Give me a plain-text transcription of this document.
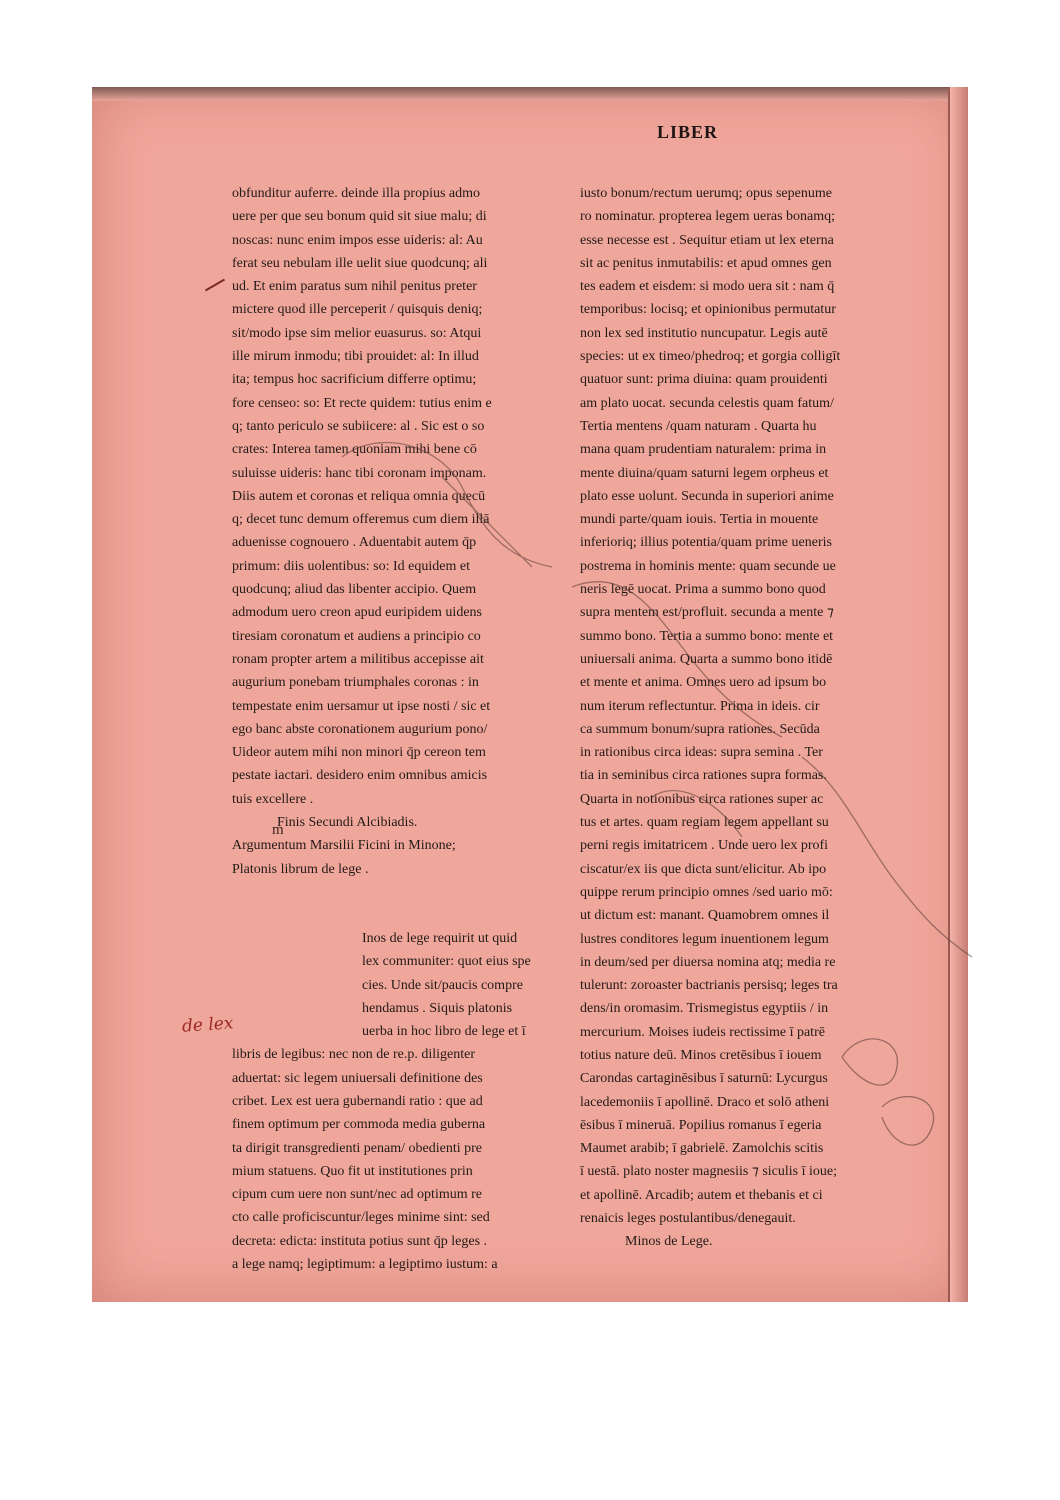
de lex
LIBER
obfunditur auferre. deinde illa propius admo
uere per que seu bonum quid sit siue malu; di
noscas: nunc enim impos esse uideris: al: Au
ferat seu nebulam ille uelit siue quodcunq; ali
ud. Et enim paratus sum nihil penitus preter
mictere quod ille perceperit / quisquis deniq;
sit/modo ipse sim melior euasurus. so: Atqui
ille mirum inmodu; tibi prouidet: al: In illud
ita; tempus hoc sacrificium differre optimu;
fore censeo: so: Et recte quidem: tutius enim e
q; tanto periculo se subiicere: al . Sic est o so
crates: Interea tamen quoniam mihi bene cō
suluisse uideris: hanc tibi coronam imponam.
Diis autem et coronas et reliqua omnia quecū
q; decet tunc demum offeremus cum diem illā
aduenisse cognouero . Aduentabit autem q̄p
primum: diis uolentibus: so: Id equidem et
quodcunq; aliud das libenter accipio. Quem
admodum uero creon apud euripidem uidens
tiresiam coronatum et audiens a principio co
ronam propter artem a militibus accepisse ait
augurium ponebam triumphales coronas : in
tempestate enim uersamur ut ipse nosti / sic et
ego banc abste coronationem augurium pono/
Uideor autem mihi non minori q̄p cereon tem
pestate iactari. desidero enim omnibus amicis
tuis excellere .
Finis Secundi Alcibiadis.
Argumentum Marsilii Ficini in Minone;
Platonis librum de lege .
Inos de lege requirit ut quid
lex communiter: quot eius spe
cies. Unde sit/paucis compre
hendamus . Siquis platonis
uerba in hoc libro de lege et ī
libris de legibus: nec non de re.p. diligenter
aduertat: sic legem uniuersali definitione des
cribet. Lex est uera gubernandi ratio : que ad
finem optimum per commoda media guberna
ta dirigit transgredienti penam/ obedienti pre
mium statuens. Quo fit ut institutiones prin
cipum cum uere non sunt/nec ad optimum re
cto calle proficiscuntur/leges minime sint: sed
decreta: edicta: instituta potius sunt q̄p leges .
a lege namq; legiptimum: a legiptimo iustum: a
m
iusto bonum/rectum uerumq; opus sepenume
ro nominatur. propterea legem ueras bonamq;
esse necesse est . Sequitur etiam ut lex eterna
sit ac penitus inmutabilis: et apud omnes gen
tes eadem et eisdem: si modo uera sit : nam q̄
temporibus: locisq; et opinionibus permutatur
non lex sed institutio nuncupatur. Legis autē
species: ut ex timeo/phedroq; et gorgia colligīt
quatuor sunt: prima diuina: quam prouidenti
am plato uocat. secunda celestis quam fatum/
Tertia mentens /quam naturam . Quarta hu
mana quam prudentiam naturalem: prima in
mente diuina/quam saturni legem orpheus et
plato esse uolunt. Secunda in superiori anime
mundi parte/quam iouis. Tertia in mouente
inferioriq; illius potentia/quam prime ueneris
postrema in hominis mente: quam secunde ue
neris legē uocat. Prima a summo bono quod
supra mentem est/profluit. secunda a mente ⁊
summo bono. Tertia a summo bono: mente et
uniuersali anima. Quarta a summo bono itidē
et mente et anima. Omnes uero ad ipsum bo
num iterum reflectuntur. Prima in ideis. cir
ca summum bonum/supra rationes. Secūda
in rationibus circa ideas: supra semina . Ter
tia in seminibus circa rationes supra formas.
Quarta in notionibus circa rationes super ac
tus et artes. quam regiam legem appellant su
perni regis imitatricem . Unde uero lex profi
ciscatur/ex iis que dicta sunt/elicitur. Ab ipo
quippe rerum principio omnes /sed uario mō:
ut dictum est: manant. Quamobrem omnes il
lustres conditores legum inuentionem legum
in deum/sed per diuersa nomina atq; media re
tulerunt: zoroaster bactrianis persisq; leges tra
dens/in oromasim. Trismegistus egyptiis / in
mercurium. Moises iudeis rectissime ī patrē
totius nature deū. Minos cretēsibus ī iouem
Carondas cartaginēsibus ī saturnū: Lycurgus
lacedemoniis ī apollinē. Draco et solō atheni
ēsibus ī mineruā. Popilius romanus ī egeria
Maumet arabib; ī gabrielē. Zamolchis scitis
ī uestā. plato noster magnesiis ⁊ siculis ī ioue;
et apollinē. Arcadib; autem et thebanis et ci
renaicis leges postulantibus/denegauit.
Minos de Lege.
